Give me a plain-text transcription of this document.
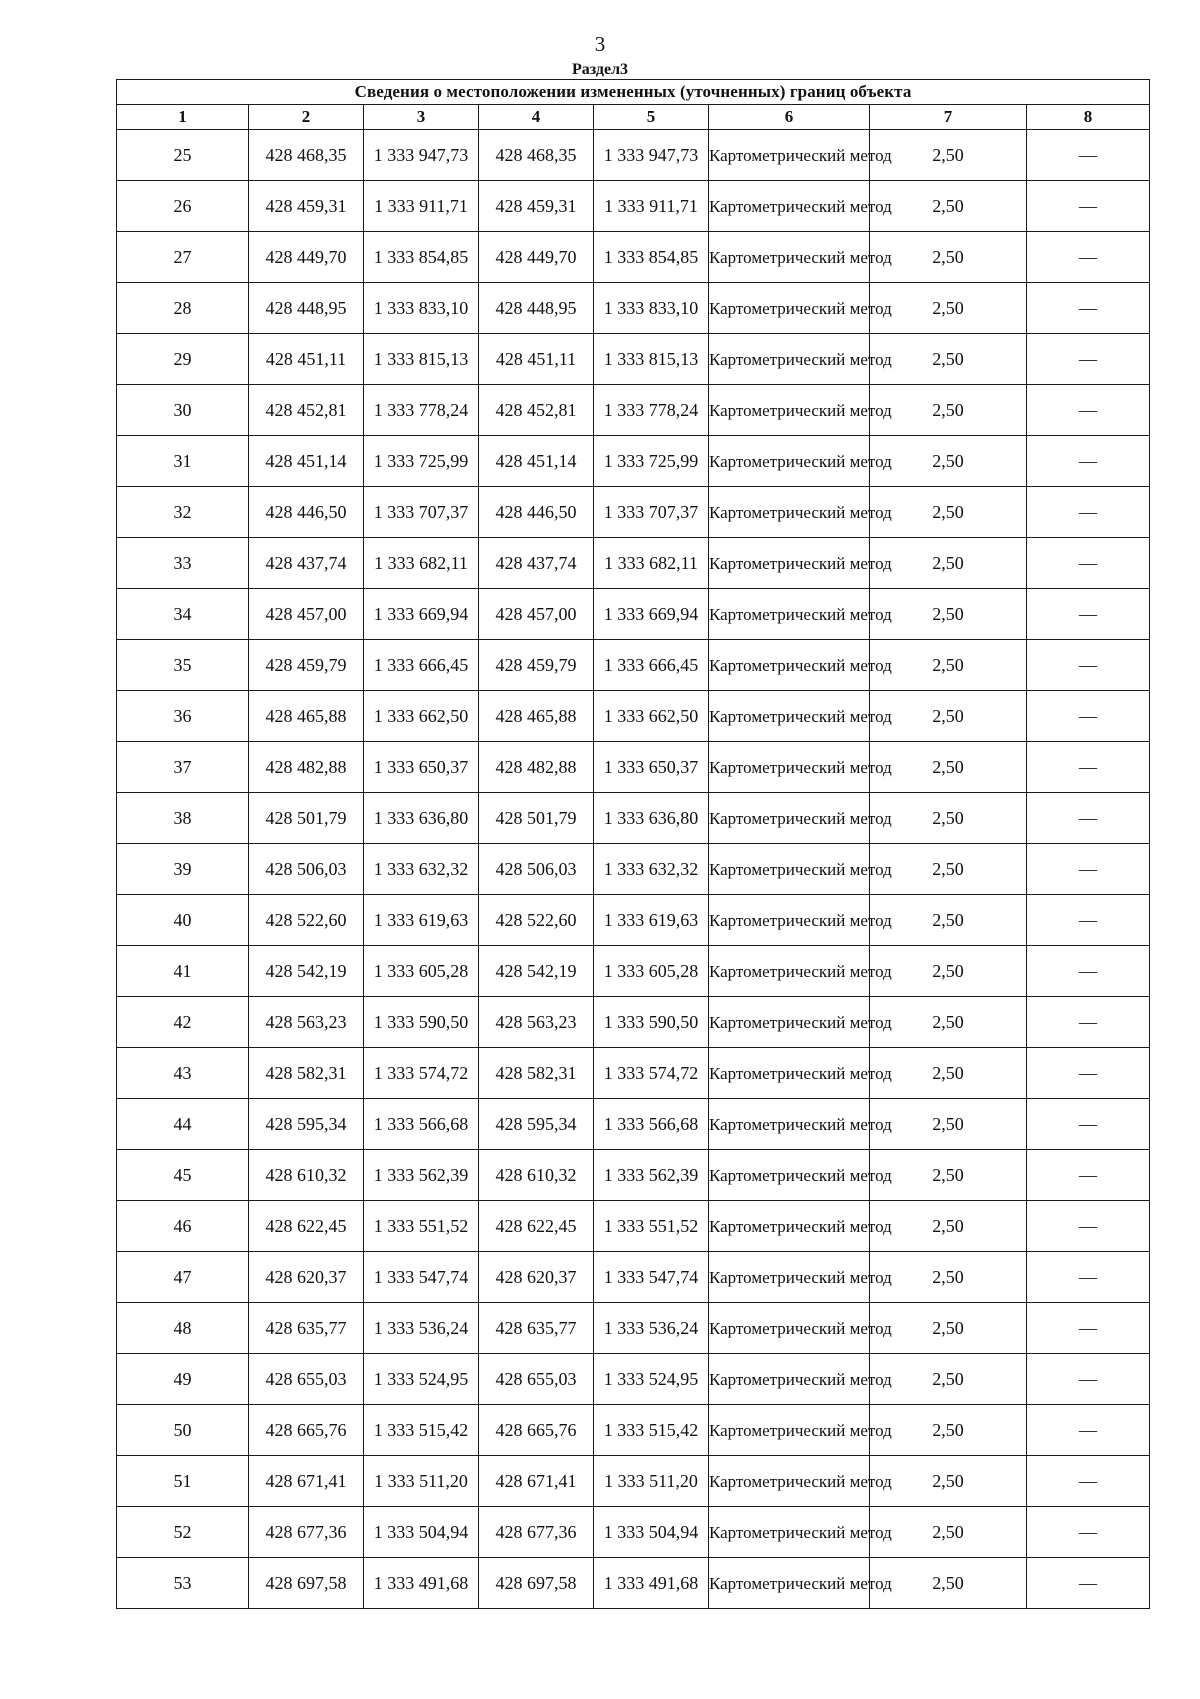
3
Раздел3
Сведения о местоположении измененных (уточненных) границ объекта							
1	2	3	4	5	6	7	8
25	428 468,35	1 333 947,73	428 468,35	1 333 947,73	Картометрический метод	2,50	—
26	428 459,31	1 333 911,71	428 459,31	1 333 911,71	Картометрический метод	2,50	—
27	428 449,70	1 333 854,85	428 449,70	1 333 854,85	Картометрический метод	2,50	—
28	428 448,95	1 333 833,10	428 448,95	1 333 833,10	Картометрический метод	2,50	—
29	428 451,11	1 333 815,13	428 451,11	1 333 815,13	Картометрический метод	2,50	—
30	428 452,81	1 333 778,24	428 452,81	1 333 778,24	Картометрический метод	2,50	—
31	428 451,14	1 333 725,99	428 451,14	1 333 725,99	Картометрический метод	2,50	—
32	428 446,50	1 333 707,37	428 446,50	1 333 707,37	Картометрический метод	2,50	—
33	428 437,74	1 333 682,11	428 437,74	1 333 682,11	Картометрический метод	2,50	—
34	428 457,00	1 333 669,94	428 457,00	1 333 669,94	Картометрический метод	2,50	—
35	428 459,79	1 333 666,45	428 459,79	1 333 666,45	Картометрический метод	2,50	—
36	428 465,88	1 333 662,50	428 465,88	1 333 662,50	Картометрический метод	2,50	—
37	428 482,88	1 333 650,37	428 482,88	1 333 650,37	Картометрический метод	2,50	—
38	428 501,79	1 333 636,80	428 501,79	1 333 636,80	Картометрический метод	2,50	—
39	428 506,03	1 333 632,32	428 506,03	1 333 632,32	Картометрический метод	2,50	—
40	428 522,60	1 333 619,63	428 522,60	1 333 619,63	Картометрический метод	2,50	—
41	428 542,19	1 333 605,28	428 542,19	1 333 605,28	Картометрический метод	2,50	—
42	428 563,23	1 333 590,50	428 563,23	1 333 590,50	Картометрический метод	2,50	—
43	428 582,31	1 333 574,72	428 582,31	1 333 574,72	Картометрический метод	2,50	—
44	428 595,34	1 333 566,68	428 595,34	1 333 566,68	Картометрический метод	2,50	—
45	428 610,32	1 333 562,39	428 610,32	1 333 562,39	Картометрический метод	2,50	—
46	428 622,45	1 333 551,52	428 622,45	1 333 551,52	Картометрический метод	2,50	—
47	428 620,37	1 333 547,74	428 620,37	1 333 547,74	Картометрический метод	2,50	—
48	428 635,77	1 333 536,24	428 635,77	1 333 536,24	Картометрический метод	2,50	—
49	428 655,03	1 333 524,95	428 655,03	1 333 524,95	Картометрический метод	2,50	—
50	428 665,76	1 333 515,42	428 665,76	1 333 515,42	Картометрический метод	2,50	—
51	428 671,41	1 333 511,20	428 671,41	1 333 511,20	Картометрический метод	2,50	—
52	428 677,36	1 333 504,94	428 677,36	1 333 504,94	Картометрический метод	2,50	—
53	428 697,58	1 333 491,68	428 697,58	1 333 491,68	Картометрический метод	2,50	—
